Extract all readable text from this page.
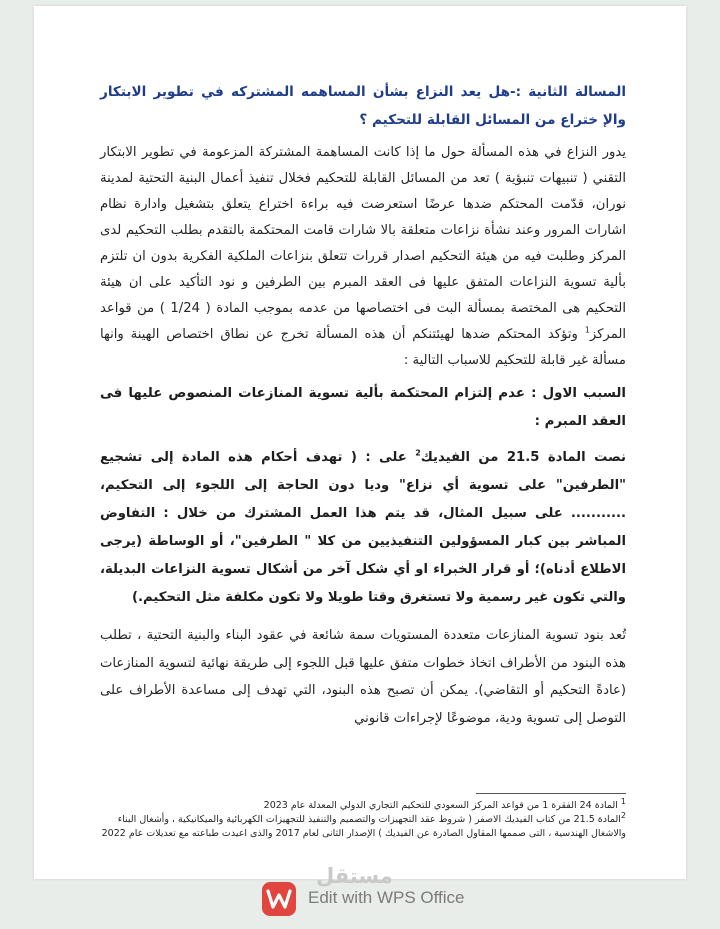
المسالة الثانية :-هل يعد النزاع بشأن المساهمه المشتركه في تطوير الابتكار والإ ختراع من المسائل القابلة للتحكيم ؟

يدور النزاع في هذه المسألة حول ما إذا كانت المساهمة المشتركة المزعومة في تطوير الابتكار التقني ( تنبيهات تنبؤية ) تعد من المسائل القابلة للتحكيم فخلال تنفيذ أعمال البنية التحتية لمدينة نوران، قدّمت المحتكم ضدها عرضًا استعرضت فيه براءة اختراع يتعلق بتشغيل وادارة نظام اشارات المرور وعند نشأة نزاعات متعلقة بالا شارات قامت المحتكمة بالتقدم بطلب التحكيم لدى المركز وطلبت فيه من هيئة التحكيم اصدار قررات تتعلق بنزاعات الملكية الفكرية بدون ان تلتزم بألية تسوية النزاعات المتفق عليها فى العقد المبرم بين الطرفين و نود التأكيد على ان هيئة التحكيم هى المختصة بمسألة البت فى اختصاصها من عدمه بموجب المادة ( 1/24 ) من قواعد المركز$^1$ وتؤكد المحتكم ضدها لهيئتنكم أن هذه المسألة تخرج عن نطاق اختصاص الهينة وانها مسألة غير قابلة للتحكيم للاسباب التالية :

السبب الاول : عدم إلتزام المحتكمة بألية تسوية المنازعات المنصوص عليها فى العقد المبرم :

نصت المادة 21.5 من الفيديك$^2$ على : ( تهدف أحكام هذه المادة إلى تشجيع "الطرفين" على تسوية أي نزاع" وديا دون الحاجة إلى اللجوء إلى التحكيم، ........... على سبيل المثال، قد يتم هذا العمل المشترك من خلال : التفاوض المباشر بين كبار المسؤولين التنفيذيين من كلا " الطرفين"، أو الوساطة (يرجى الاطلاع أدناه)؛ أو قرار الخبراء او أي شكل آخر من أشكال تسوية النزاعات البديلة، والتي تكون غير رسمية ولا تستغرق وقتا طويلا ولا تكون مكلفة مثل التحكيم.)

تُعد بنود تسوية المنازعات متعددة المستويات سمة شائعة في عقود البناء والبنية التحتية ، تطلب هذه البنود من الأطراف اتخاذ خطوات متفق عليها قبل اللجوء إلى طريقة نهائية لتسوية المنازعات (عادةً التحكيم أو التقاضي). يمكن أن تصبح هذه البنود، التي تهدف إلى مساعدة الأطراف على التوصل إلى تسوية ودية، موضوعًا لإجراءات قانوني

$^1$ المادة 24 الفقرة 1 من قواعد المركز السعودي للتحكيم التجاري الدولي المعدلة عام 2023

$^2$المادة 21.5 من كتاب الفيديك الاصفر ( شروط عقد التجهيزات والتصميم والتنفيذ للتجهيزات الكهربائية والميكانيكية ، وأشغال البناء والاشغال الهندسية ، التى صممها المقاول الصادرة عن الفيديك ) الإصدار الثانى لعام 2017 والذى اعيدت طباعته مع تعديلات عام 2022

مستقل
Edit with WPS Office
